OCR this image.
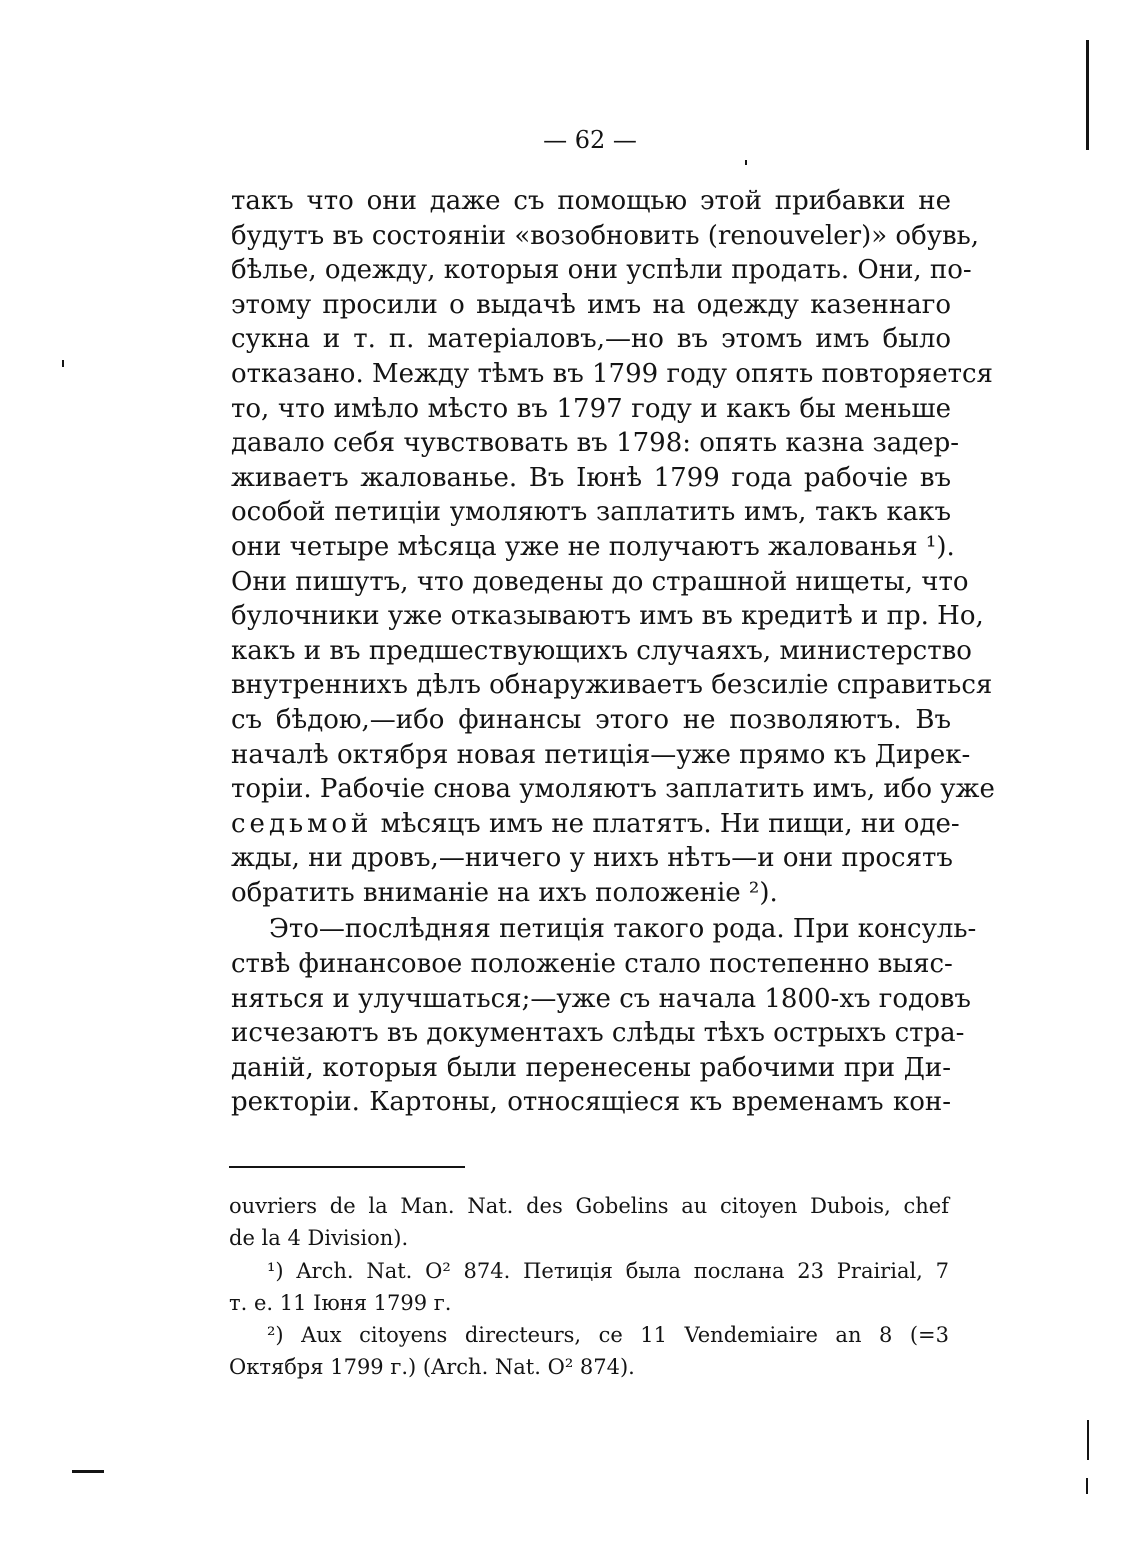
— 62 —
такъ что они даже съ помощью этой прибавки не
будутъ въ состояніи «возобновить (renouveler)» обувь,
бѣлье, одежду, которыя они успѣли продать. Они, по-
этому просили о выдачѣ имъ на одежду казеннаго
сукна и т. п. матеріаловъ,—но въ этомъ имъ было
отказано. Между тѣмъ въ 1799 году опять повторяется
то, что имѣло мѣсто въ 1797 году и какъ бы меньше
давало себя чувствовать въ 1798: опять казна задер-
живаетъ жалованье. Въ Іюнѣ 1799 года рабочіе въ
особой петиціи умоляютъ заплатить имъ, такъ какъ
они четыре мѣсяца уже не получаютъ жалованья ¹).
Они пишутъ, что доведены до страшной нищеты, что
булочники уже отказываютъ имъ въ кредитѣ и пр. Но,
какъ и въ предшествующихъ случаяхъ, министерство
внутреннихъ дѣлъ обнаруживаетъ безсиліе справиться
съ бѣдою,—ибо финансы этого не позволяютъ. Въ
началѣ октября новая петиція—уже прямо къ Дирек-
торіи. Рабочіе снова умоляютъ заплатить имъ, ибо уже
седьмой мѣсяцъ имъ не платятъ. Ни пищи, ни оде-
жды, ни дровъ,—ничего у нихъ нѣтъ—и они просятъ
обратить вниманіе на ихъ положеніе ²).
Это—послѣдняя петиція такого рода. При консуль-
ствѣ финансовое положеніе стало постепенно выяс-
няться и улучшаться;—уже съ начала 1800-хъ годовъ
исчезаютъ въ документахъ слѣды тѣхъ острыхъ стра-
даній, которыя были перенесены рабочими при Ди-
ректоріи. Картоны, относящіеся къ временамъ кон-
ouvriers de la Man. Nat. des Gobelins au citoyen Dubois, chef
de la 4 Division).
¹) Arch. Nat. O² 874. Петиція была послана 23 Prairial, 7
т. е. 11 Іюня 1799 г.
²) Aux citoyens directeurs, ce 11 Vendemiaire an 8 (=3
Октября 1799 г.) (Arch. Nat. O² 874).
